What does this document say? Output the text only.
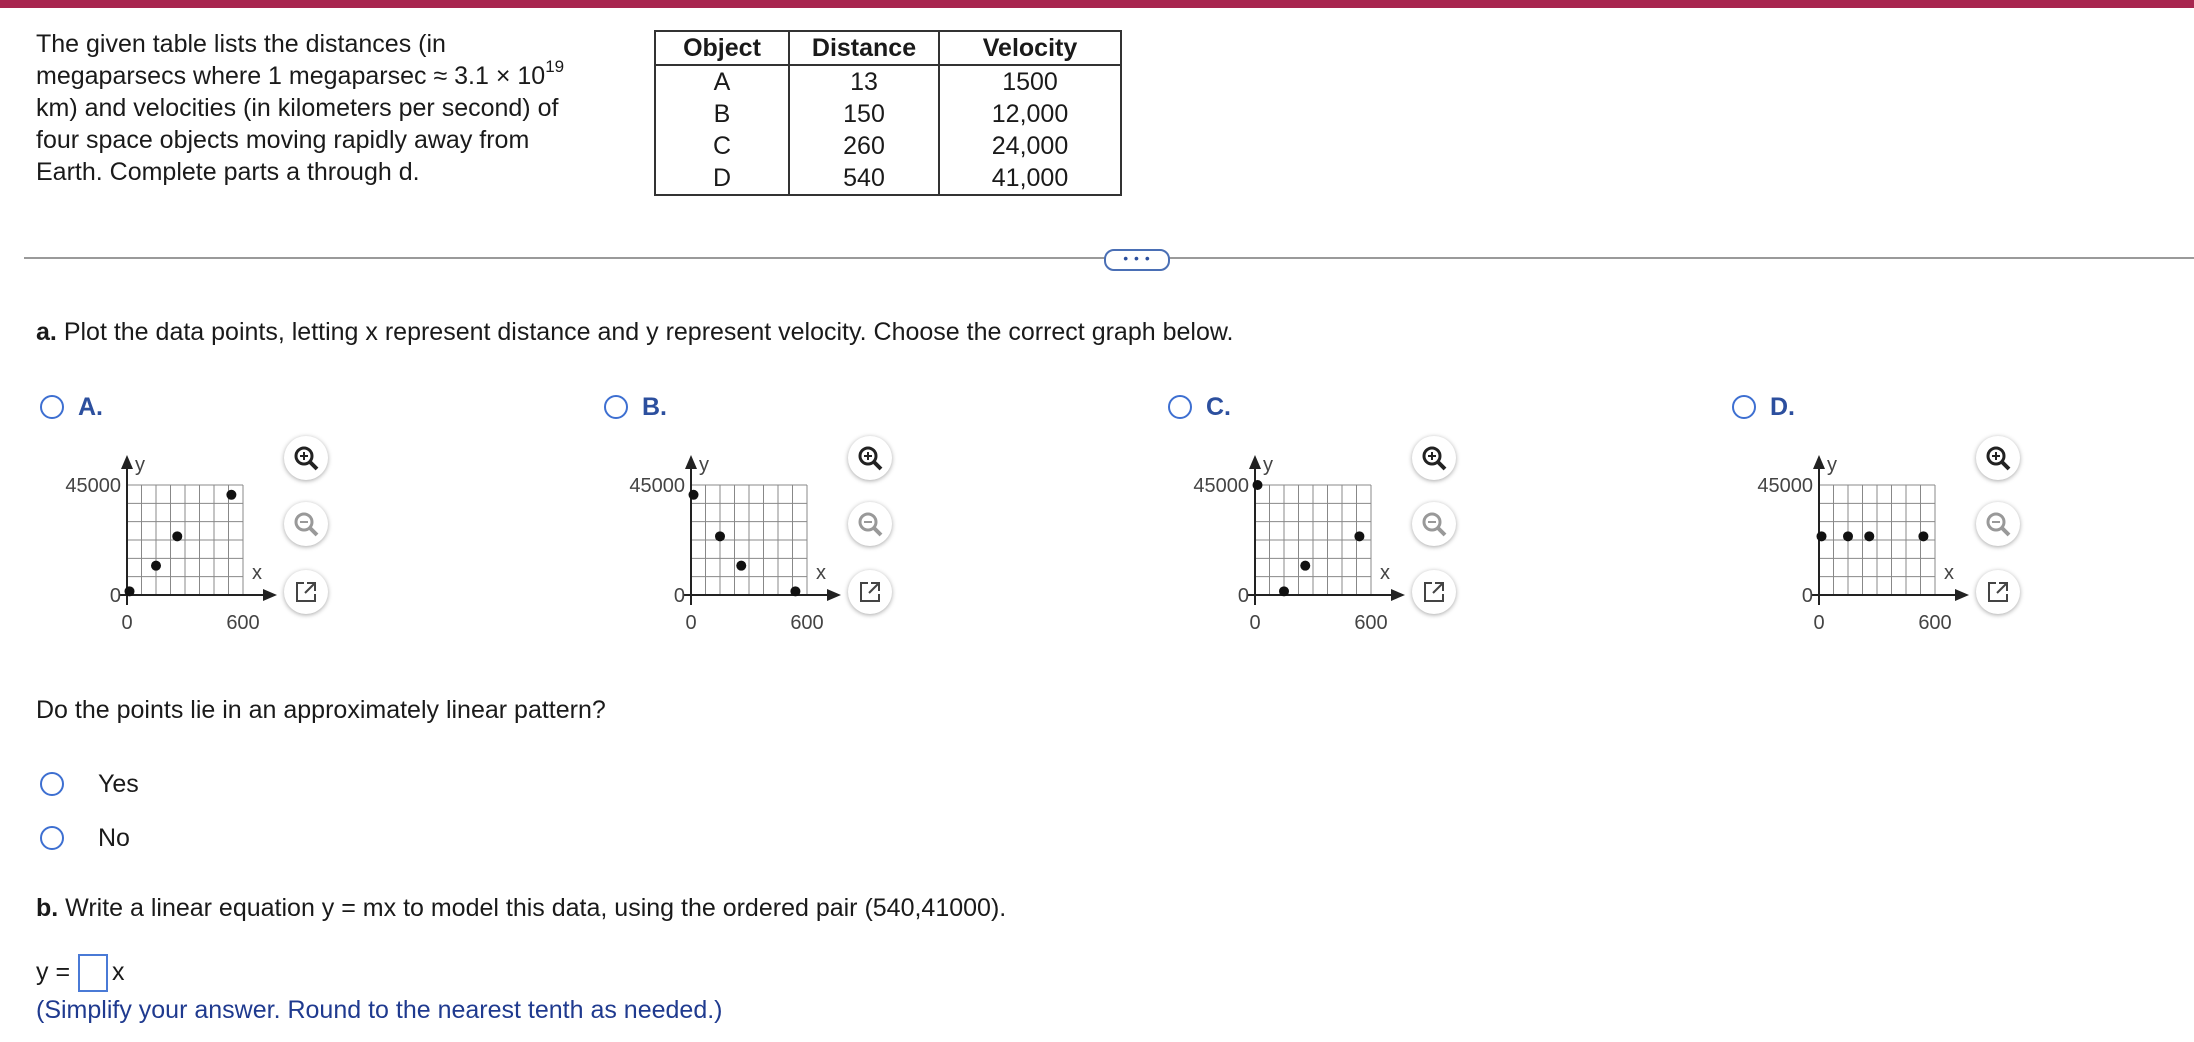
The given table lists the distances (in
megaparsecs where 1 megaparsec ≈ $3.1 \times 10^{19}$
km) and velocities (in kilometers per second) of
four space objects moving rapidly away from
Earth. Complete parts a through d.
Object	Distance	Velocity
A	13	1500
B	150	12,000
C	260	24,000
D	540	41,000
• • •
a. Plot the data points, letting x represent distance and y represent velocity. Choose the correct graph below.
A.
y
x
45000
0
0	600
B.
y
x
45000
0
0	600
C.
y
x
45000
0
0	600
D.
y
x
45000
0
0	600
Do the points lie in an approximately linear pattern?
Yes
No
b. Write a linear equation y = mx to model this data, using the ordered pair (540,41000).
y = x
(Simplify your answer. Round to the nearest tenth as needed.)
